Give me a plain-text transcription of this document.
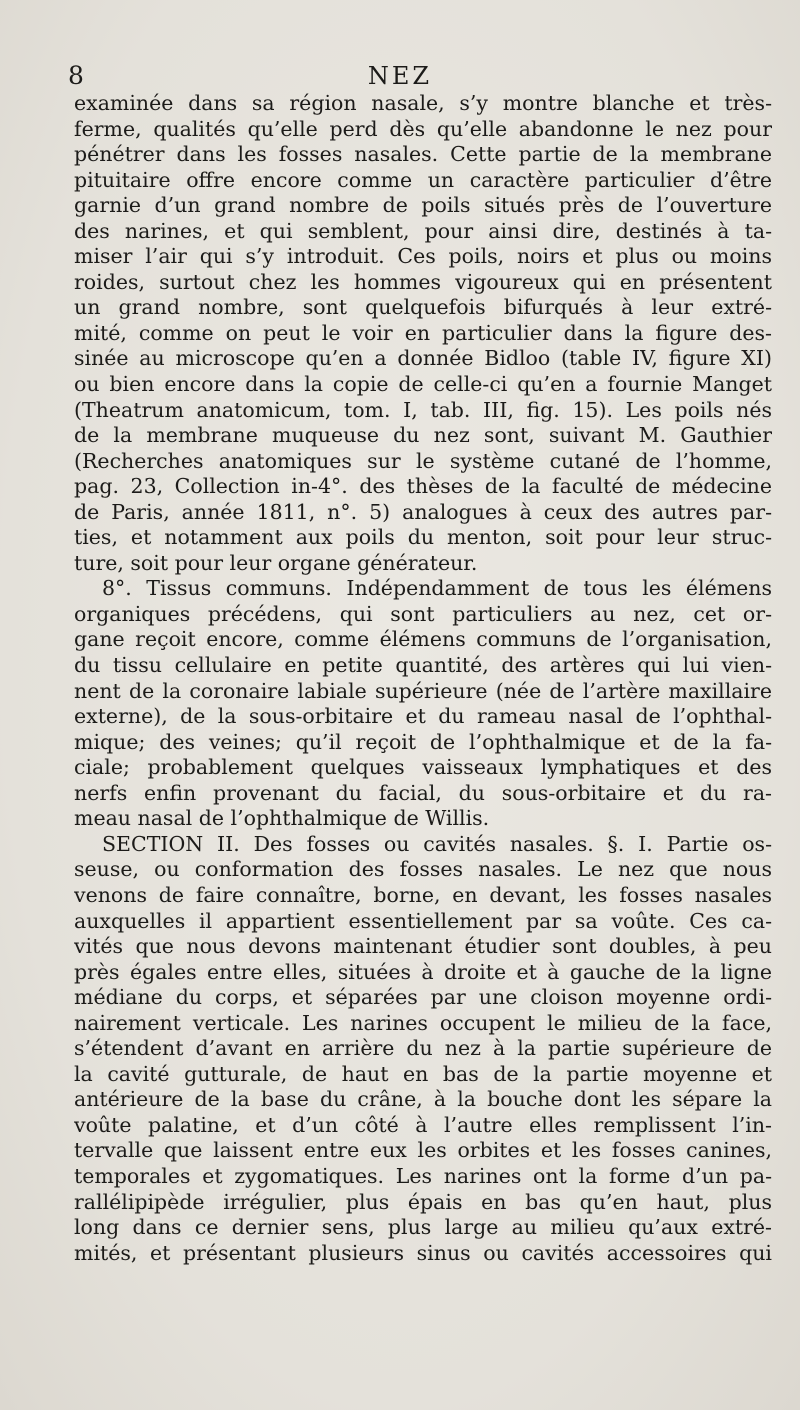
8	NEZ
examinée dans sa région nasale, s’y montre blanche et très-
ferme, qualités qu’elle perd dès qu’elle abandonne le nez pour
pénétrer dans les fosses nasales. Cette partie de la membrane
pituitaire offre encore comme un caractère particulier d’être
garnie d’un grand nombre de poils situés près de l’ouverture
des narines, et qui semblent, pour ainsi dire, destinés à ta-
miser l’air qui s’y introduit. Ces poils, noirs et plus ou moins
roides, surtout chez les hommes vigoureux qui en présentent
un grand nombre, sont quelquefois bifurqués à leur extré-
mité, comme on peut le voir en particulier dans la figure des-
sinée au microscope qu’en a donnée Bidloo (table IV, figure XI)
ou bien encore dans la copie de celle-ci qu’en a fournie Manget
(Theatrum anatomicum, tom. I, tab. III, fig. 15). Les poils nés
de la membrane muqueuse du nez sont, suivant M. Gauthier
(Recherches anatomiques sur le système cutané de l’homme,
pag. 23, Collection in-4°. des thèses de la faculté de médecine
de Paris, année 1811, n°. 5) analogues à ceux des autres par-
ties, et notamment aux poils du menton, soit pour leur struc-
ture, soit pour leur organe générateur.
8°. Tissus communs. Indépendamment de tous les élémens
organiques précédens, qui sont particuliers au nez, cet or-
gane reçoit encore, comme élémens communs de l’organisation,
du tissu cellulaire en petite quantité, des artères qui lui vien-
nent de la coronaire labiale supérieure (née de l’artère maxillaire
externe), de la sous-orbitaire et du rameau nasal de l’ophthal-
mique; des veines; qu’il reçoit de l’ophthalmique et de la fa-
ciale; probablement quelques vaisseaux lymphatiques et des
nerfs enfin provenant du facial, du sous-orbitaire et du ra-
meau nasal de l’ophthalmique de Willis.
SECTION II. Des fosses ou cavités nasales. §. I. Partie os-
seuse, ou conformation des fosses nasales. Le nez que nous
venons de faire connaître, borne, en devant, les fosses nasales
auxquelles il appartient essentiellement par sa voûte. Ces ca-
vités que nous devons maintenant étudier sont doubles, à peu
près égales entre elles, situées à droite et à gauche de la ligne
médiane du corps, et séparées par une cloison moyenne ordi-
nairement verticale. Les narines occupent le milieu de la face,
s’étendent d’avant en arrière du nez à la partie supérieure de
la cavité gutturale, de haut en bas de la partie moyenne et
antérieure de la base du crâne, à la bouche dont les sépare la
voûte palatine, et d’un côté à l’autre elles remplissent l’in-
tervalle que laissent entre eux les orbites et les fosses canines,
temporales et zygomatiques. Les narines ont la forme d’un pa-
rallélipipède irrégulier, plus épais en bas qu’en haut, plus
long dans ce dernier sens, plus large au milieu qu’aux extré-
mités, et présentant plusieurs sinus ou cavités accessoires qui
